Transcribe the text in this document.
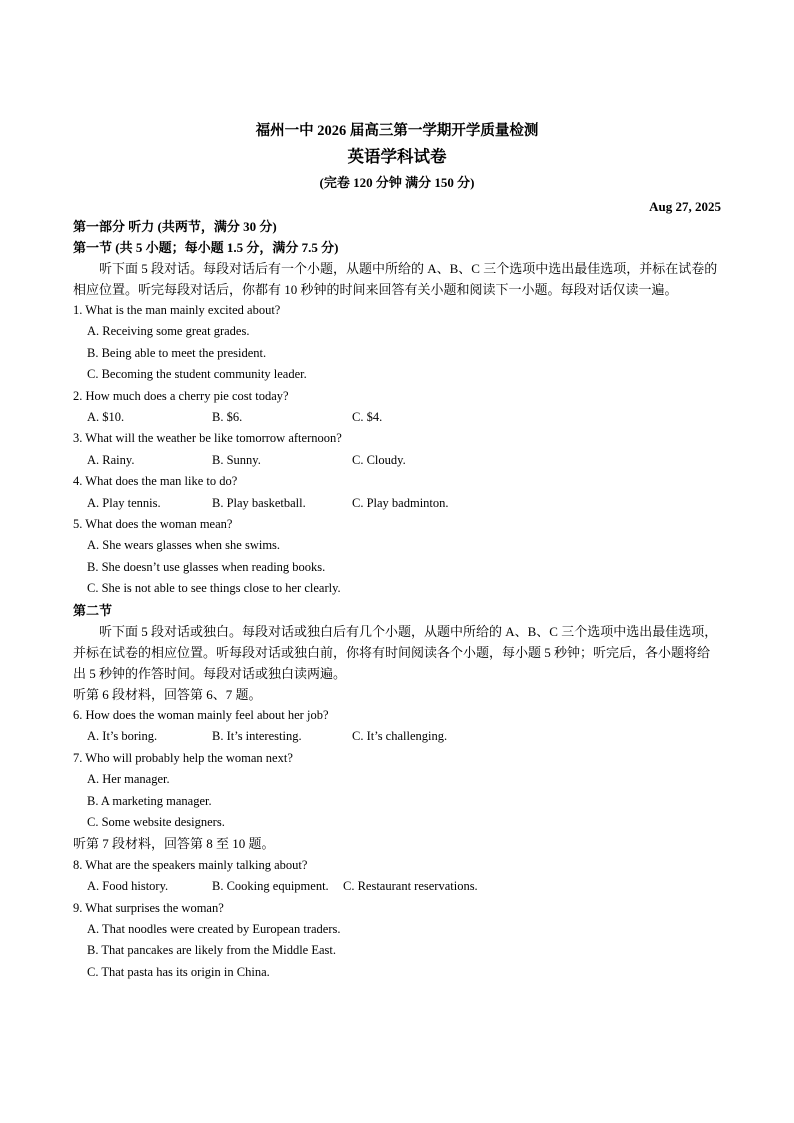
福州一中 2026 届高三第一学期开学质量检测

英语学科试卷

(完卷 120 分钟 满分 150 分)

Aug 27, 2025

第一部分 听力 (共两节，满分 30 分)

第一节 (共 5 小题；每小题 1.5 分，满分 7.5 分)

听下面 5 段对话。每段对话后有一个小题，从题中所给的 A、B、C 三个选项中选出最佳选项，并标在试卷的相应位置。听完每段对话后，你都有 10 秒钟的时间来回答有关小题和阅读下一小题。每段对话仅读一遍。

1. What is the man mainly excited about?

A. Receiving some great grades.

B. Being able to meet the president.

C. Becoming the student community leader.

2. How much does a cherry pie cost today?

A. $10.	B. $6.	C. $4.

3. What will the weather be like tomorrow afternoon?

A. Rainy.	B. Sunny.	C. Cloudy.

4. What does the man like to do?

A. Play tennis.	B. Play basketball.	C. Play badminton.

5. What does the woman mean?

A. She wears glasses when she swims.

B. She doesn’t use glasses when reading books.

C. She is not able to see things close to her clearly.

第二节

听下面 5 段对话或独白。每段对话或独白后有几个小题，从题中所给的 A、B、C 三个选项中选出最佳选项，并标在试卷的相应位置。听每段对话或独白前，你将有时间阅读各个小题，每小题 5 秒钟；听完后，各小题将给出 5 秒钟的作答时间。每段对话或独白读两遍。

听第 6 段材料，回答第 6、7 题。

6. How does the woman mainly feel about her job?

A. It’s boring.	B. It’s interesting.	C. It’s challenging.

7. Who will probably help the woman next?

A. Her manager.

B. A marketing manager.

C. Some website designers.

听第 7 段材料，回答第 8 至 10 题。

8. What are the speakers mainly talking about?

A. Food history.	B. Cooking equipment.	C. Restaurant reservations.

9. What surprises the woman?

A. That noodles were created by European traders.

B. That pancakes are likely from the Middle East.

C. That pasta has its origin in China.
